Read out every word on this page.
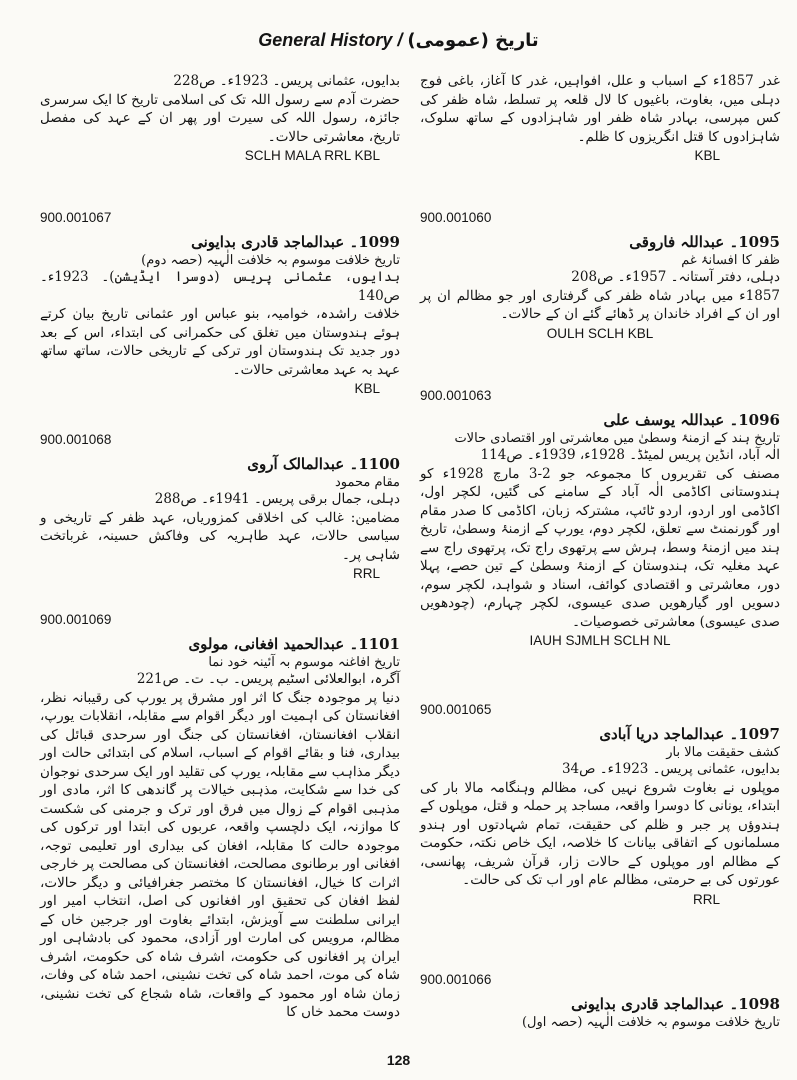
General History / تاریخ (عمومی)

غدر 1857ء کے اسباب و علل، افواہیں، غدر کا آغاز، باغی فوج دہلی میں، بغاوت، باغیوں کا لال قلعہ پر تسلط، شاہ ظفر کی کس مپرسی، بہادر شاہ ظفر اور شاہزادوں کے ساتھ سلوک، شاہزادوں کا قتل انگریزوں کا ظلم۔

KBL
900.001060
1095۔ عبداللہ فاروقی
ظفر کا افسانۂ غم

دہلی، دفتر آستانہ۔ 1957ء۔ ص208

1857ء میں بہادر شاہ ظفر کی گرفتاری اور جو مظالم ان پر اور ان کے افراد خاندان پر ڈھائے گئے ان کے حالات۔

OULH SCLH KBL
900.001063
1096۔ عبداللہ یوسف علی
تاریخ ہند کے ازمنۂ وسطیٰ میں معاشرتی اور اقتصادی حالات

الٰہ آباد، انڈین پریس لمیٹڈ۔ 1928ء، 1939ء۔ ص114

مصنف کی تقریروں کا مجموعہ جو 2-3 مارچ 1928ء کو ہندوستانی اکاڈمی الٰہ آباد کے سامنے کی گئیں، لکچر اول، اکاڈمی اور اردو، اردو ٹائپ، مشترکہ زبان، اکاڈمی کا صدر مقام اور گورنمنٹ سے تعلق، لکچر دوم، یورپ کے ازمنۂ وسطیٰ، تاریخ ہند میں ازمنۂ وسط، ہرش سے پرتھوی راج تک، پرتھوی راج سے عہد مغلیہ تک، ہندوستان کے ازمنۂ وسطیٰ کے تین حصے، پہلا دور، معاشرتی و اقتصادی کوائف، اسناد و شواہد، لکچر سوم، دسویں اور گیارھویں صدی عیسوی، لکچر چہارم، (چودھویں صدی عیسوی) معاشرتی خصوصیات۔

IAUH SJMLH SCLH NL
900.001065
1097۔ عبدالماجد دریا آبادی
کشف حقیقت مالا بار

بدایوں، عثمانی پریس۔ 1923ء۔ ص34

موپلوں نے بغاوت شروع نہیں کی، مظالم وہنگامہ مالا بار کی ابتداء، یونانی کا دوسرا واقعہ، مساجد پر حملہ و قتل، موپلوں کے ہندوؤں پر جبر و ظلم کی حقیقت، تمام شہادتوں اور ہندو مسلمانوں کے اتفاقی بیانات کا خلاصہ، ایک خاص نکتہ، حکومت کے مظالم اور موپلوں کے حالات زار، قرآن شریف، پھانسی، عورتوں کی بے حرمتی، مظالم عام اور اب تک کی حالت۔

RRL
900.001066
1098۔ عبدالماجد قادری بدایونی
تاریخ خلافت موسوم بہ خلافت الٰہیہ (حصہ اول)

بدایوں، عثمانی پریس۔ 1923ء۔ ص228

حضرت آدم سے رسول اللہ تک کی اسلامی تاریخ کا ایک سرسری جائزہ، رسول اللہ کی سیرت اور پھر ان کے عہد کی مفصل تاریخ، معاشرتی حالات۔

SCLH MALA RRL KBL
900.001067
1099۔ عبدالماجد قادری بدایونی
تاریخ خلافت موسوم بہ خلافت الٰہیہ (حصہ دوم)

بدایوں، عثمانی پریس (دوسرا ایڈیشن)۔ 1923ء۔ ص140

خلافت راشدہ، خوامیہ، بنو عباس اور عثمانی تاریخ بیان کرتے ہوئے ہندوستان میں تغلق کی حکمرانی کی ابتداء، اس کے بعد دور جدید تک ہندوستان اور ترکی کے تاریخی حالات، ساتھ ساتھ عہد بہ عہد معاشرتی حالات۔

KBL
900.001068
1100۔ عبدالمالک آروی
مقام محمود

دہلی، جمال برقی پریس۔ 1941ء۔ ص288

مضامین: غالب کی اخلاقی کمزوریاں، عہد ظفر کے تاریخی و سیاسی حالات، عہد طاہریہ کی وفاکش حسینہ، غرباتخت شاہی پر۔

RRL
900.001069
1101۔ عبدالحمید افغانی، مولوی
تاریخ افاغنہ موسوم بہ آئینہ خود نما

آگرہ، ابوالعلائی اسٹیم پریس۔ ب۔ ت۔ ص221

دنیا پر موجودہ جنگ کا اثر اور مشرق پر یورپ کی رقیبانہ نظر، افغانستان کی اہمیت اور دیگر اقوام سے مقابلہ، انقلابات یورپ، انقلاب افغانستان، افغانستان کی جنگ اور سرحدی قبائل کی بیداری، فنا و بقائے اقوام کے اسباب، اسلام کی ابتدائی حالت اور دیگر مذاہب سے مقابلہ، یورپ کی تقلید اور ایک سرحدی نوجوان کی خدا سے شکایت، مذہبی خیالات پر گاندھی کا اثر، مادی اور مذہبی اقوام کے زوال میں فرق اور ترک و جرمنی کی شکست کا موازنہ، ایک دلچسپ واقعہ، عربوں کی ابتدا اور ترکوں کی موجودہ حالت کا مقابلہ، افغان کی بیداری اور تعلیمی توجہ، افغانی اور برطانوی مصالحت، افغانستان کی مصالحت پر خارجی اثرات کا خیال، افغانستان کا مختصر جغرافیائی و دیگر حالات، لفظ افغان کی تحقیق اور افغانوں کی اصل، انتخاب امیر اور ایرانی سلطنت سے آویزش، ابتدائے بغاوت اور جرجین خاں کے مظالم، مرویس کی امارت اور آزادی، محمود کی بادشاہی اور ایران پر افغانوں کی حکومت، اشرف شاہ کی حکومت، اشرف شاہ کی موت، احمد شاہ کی تخت نشینی، احمد شاہ کی وفات، زمان شاہ اور محمود کے واقعات، شاہ شجاع کی تخت نشینی، دوست محمد خاں کا

128
